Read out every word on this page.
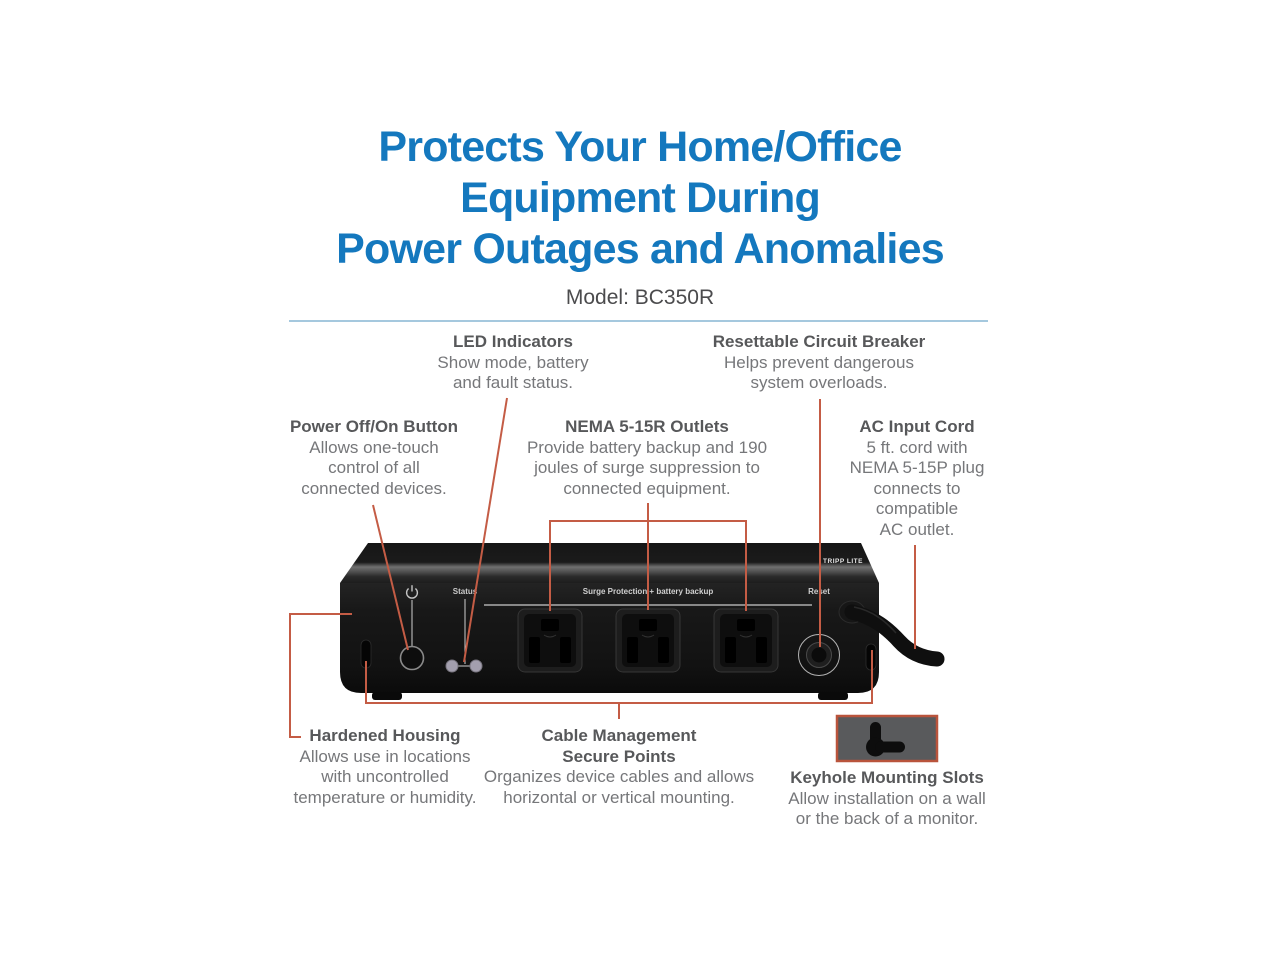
TRIPP LITE
Status	Surge Protection + battery backup	Reset
Protects Your Home/Office
Equipment During
Power Outages and Anomalies
Model: BC350R
LED Indicators
Show mode, battery
and fault status.
Resettable Circuit Breaker
Helps prevent dangerous
system overloads.
Power Off/On Button
Allows one-touch
control of all
connected devices.
NEMA 5-15R Outlets
Provide battery backup and 190
joules of surge suppression to
connected equipment.
AC Input Cord
5 ft. cord with
NEMA 5-15P plug
connects to
compatible
AC outlet.
Hardened Housing
Allows use in locations
with uncontrolled
temperature or humidity.
Cable Management
Secure Points
Organizes device cables and allows
horizontal or vertical mounting.
Keyhole Mounting Slots
Allow installation on a wall
or the back of a monitor.
